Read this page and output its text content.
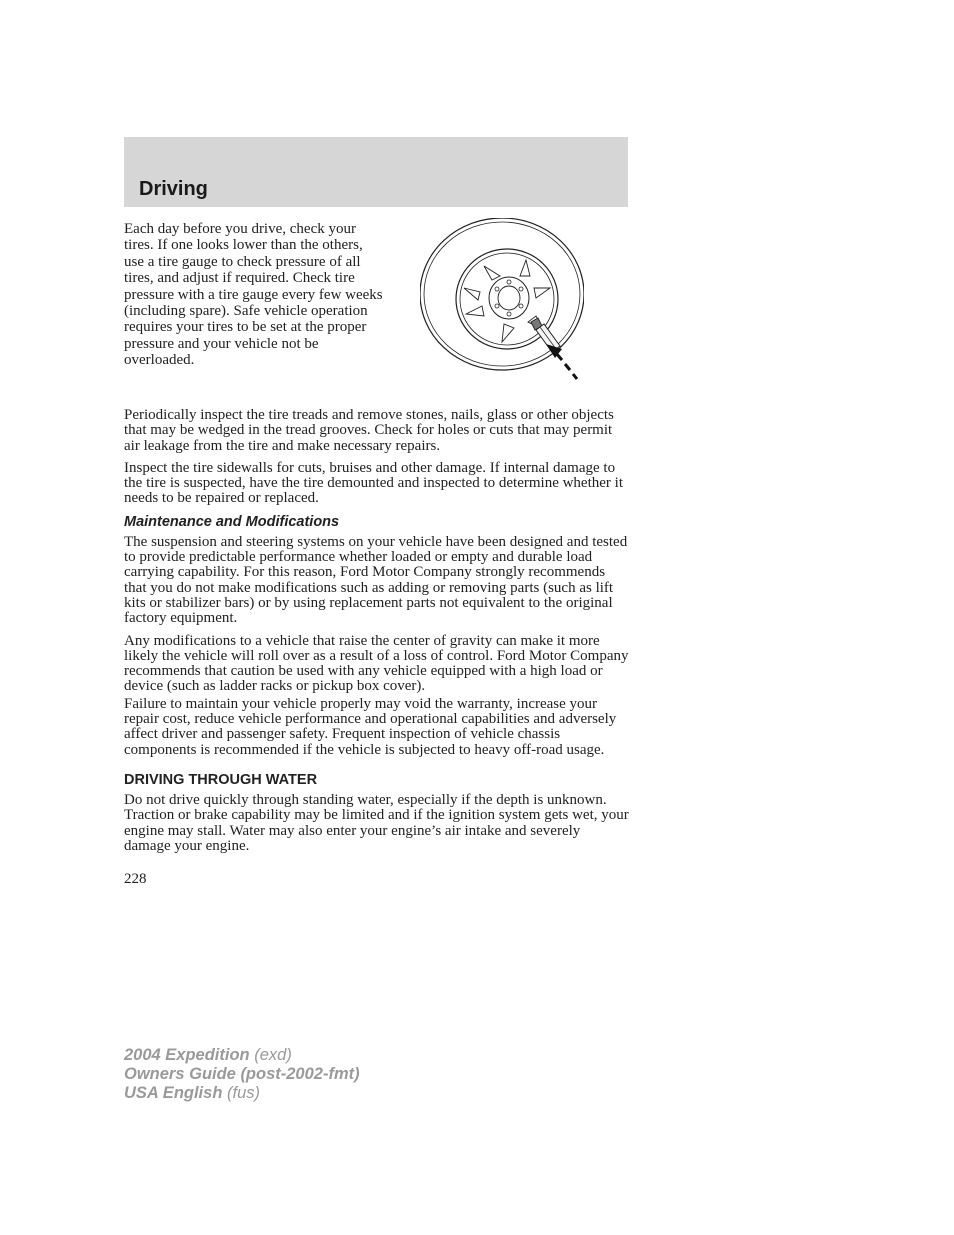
Driving

Each day before you drive, check your tires. If one looks lower than the others, use a tire gauge to check pressure of all tires, and adjust if required. Check tire pressure with a tire gauge every few weeks (including spare). Safe vehicle operation requires your tires to be set at the proper pressure and your vehicle not be overloaded.

Periodically inspect the tire treads and remove stones, nails, glass or other objects that may be wedged in the tread grooves. Check for holes or cuts that may permit air leakage from the tire and make necessary repairs.

Inspect the tire sidewalls for cuts, bruises and other damage. If internal damage to the tire is suspected, have the tire demounted and inspected to determine whether it needs to be repaired or replaced.

Maintenance and Modifications

The suspension and steering systems on your vehicle have been designed and tested to provide predictable performance whether loaded or empty and durable load carrying capability. For this reason, Ford Motor Company strongly recommends that you do not make modifications such as adding or removing parts (such as lift kits or stabilizer bars) or by using replacement parts not equivalent to the original factory equipment.

Any modifications to a vehicle that raise the center of gravity can make it more likely the vehicle will roll over as a result of a loss of control. Ford Motor Company recommends that caution be used with any vehicle equipped with a high load or device (such as ladder racks or pickup box cover).

Failure to maintain your vehicle properly may void the warranty, increase your repair cost, reduce vehicle performance and operational capabilities and adversely affect driver and passenger safety. Frequent inspection of vehicle chassis components is recommended if the vehicle is subjected to heavy off-road usage.

DRIVING THROUGH WATER

Do not drive quickly through standing water, especially if the depth is unknown. Traction or brake capability may be limited and if the ignition system gets wet, your engine may stall. Water may also enter your engine’s air intake and severely damage your engine.

228
2004 Expedition (exd)
Owners Guide (post-2002-fmt)
USA English (fus)
